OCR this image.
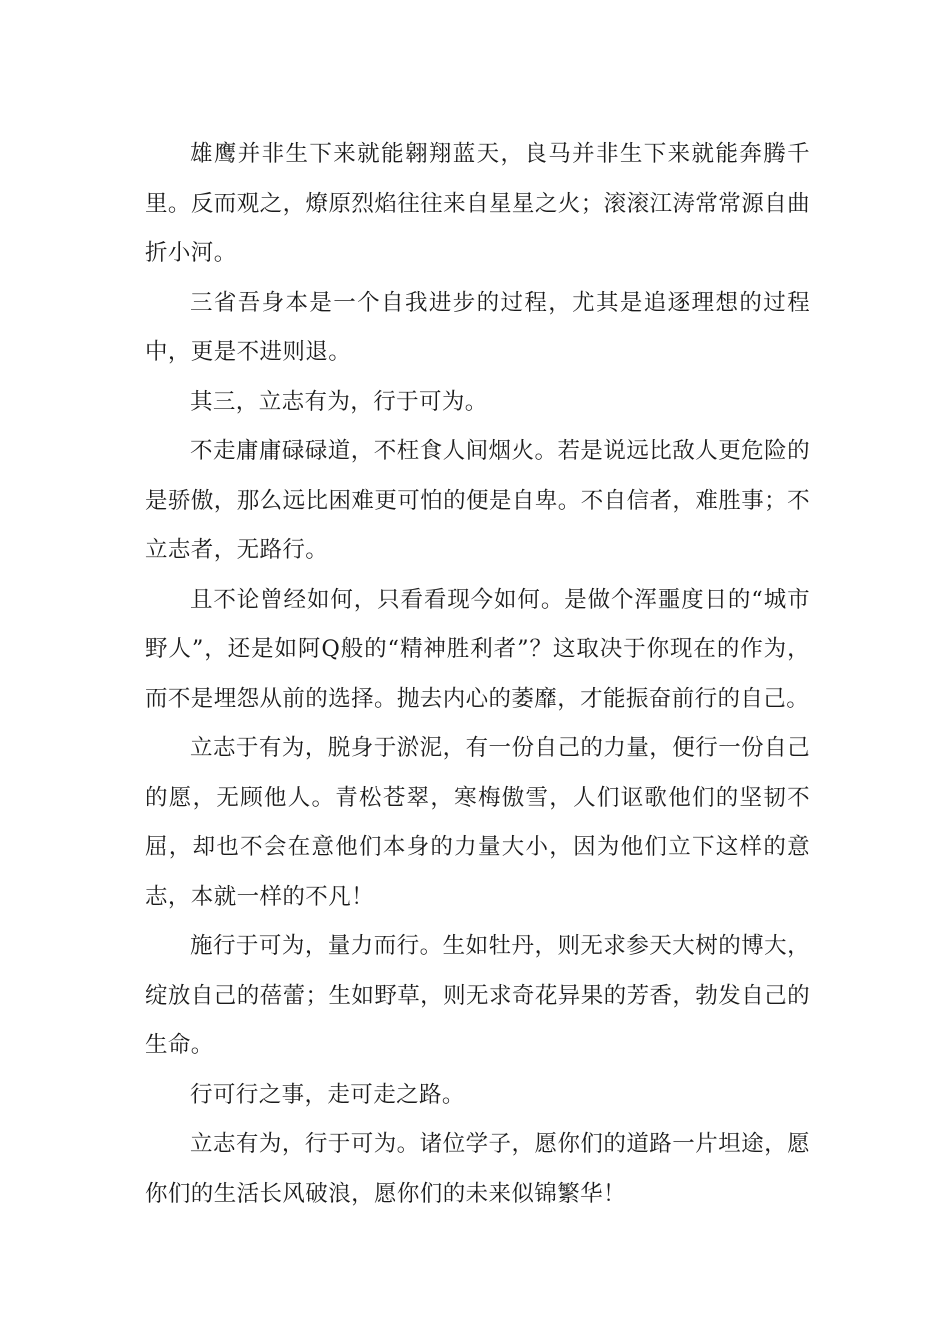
雄鹰并非生下来就能翱翔蓝天，良马并非生下来就能奔腾千里。反而观之，燎原烈焰往往来自星星之火；滚滚江涛常常源自曲折小河。

三省吾身本是一个自我进步的过程，尤其是追逐理想的过程中，更是不进则退。

其三，立志有为，行于可为。

不走庸庸碌碌道，不枉食人间烟火。若是说远比敌人更危险的是骄傲，那么远比困难更可怕的便是自卑。不自信者，难胜事；不立志者，无路行。

且不论曾经如何，只看看现今如何。是做个浑噩度日的“城市野人”，还是如阿Q般的“精神胜利者”？这取决于你现在的作为，而不是埋怨从前的选择。抛去内心的萎靡，才能振奋前行的自己。

立志于有为，脱身于淤泥，有一份自己的力量，便行一份自己的愿，无顾他人。青松苍翠，寒梅傲雪，人们讴歌他们的坚韧不屈，却也不会在意他们本身的力量大小，因为他们立下这样的意志，本就一样的不凡！

施行于可为，量力而行。生如牡丹，则无求参天大树的博大，绽放自己的蓓蕾；生如野草，则无求奇花异果的芳香，勃发自己的生命。

行可行之事，走可走之路。

立志有为，行于可为。诸位学子，愿你们的道路一片坦途，愿你们的生活长风破浪，愿你们的未来似锦繁华！
